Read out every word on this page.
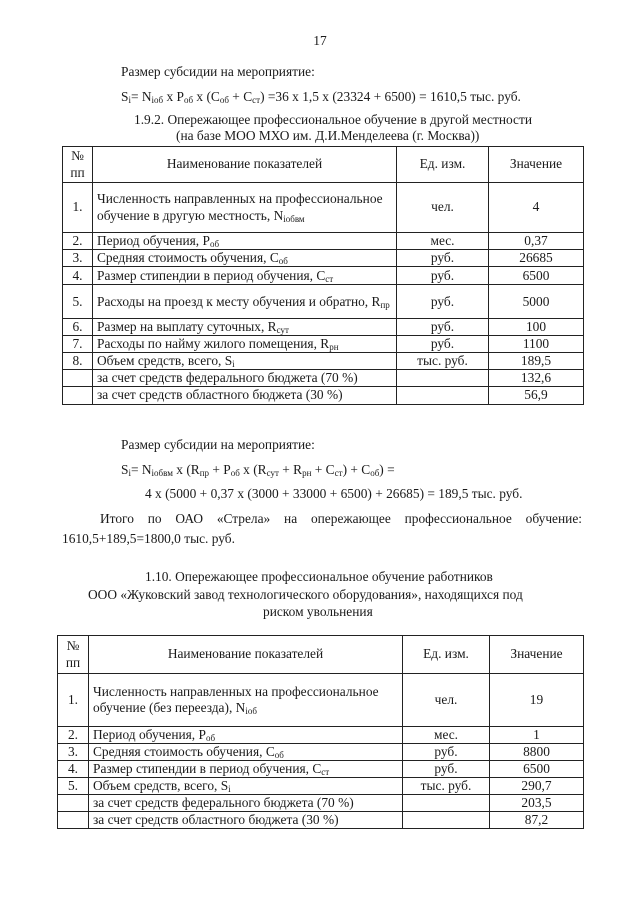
17
Размер субсидии на мероприятие:
$S_i= N_{iоб}$ х $P_{об}$ х $(C_{об} + C_{ст}) =36$ х 1,5 х (23324 + 6500) = 1610,5 тыс. руб.
1.9.2. Опережающее профессиональное обучение в другой местности
(на базе МОО МХО им. Д.И.Менделеева (г. Москва))
№ пп	Наименование показателей	Ед. изм.	Значение
1.	Численность направленных на профессиональное обучение в другую местность, $N_{iобвм}$	чел.	4
2.	Период обучения, $P_{об}$	мес.	0,37
3.	Средняя стоимость обучения, $C_{об}$	руб.	26685
4.	Размер стипендии в период обучения, $C_{ст}$	руб.	6500
5.	Расходы на проезд к месту обучения и обратно, $R_{пр}$	руб.	5000
6.	Размер на выплату суточных, $R_{сут}$	руб.	100
7.	Расходы по найму жилого помещения, $R_{рн}$	руб.	1100
8.	Объем средств, всего, $S_i$	тыс. руб.	189,5
	за счет средств федерального бюджета (70 %)		132,6
	за счет средств областного бюджета (30 %)		56,9
Размер субсидии на мероприятие:
$S_i= N_{iобвм}$ х ($R_{пр} + P_{об}$ х $(R_{сут} + R_{рн} + C_{ст}) + C_{об}$) =
4 х (5000 + 0,37 х (3000 + 33000 + 6500) + 26685) = 189,5 тыс. руб.
Итого по ОАО «Стрела» на опережающее профессиональное обучение:
1610,5+189,5=1800,0 тыс. руб.
1.10. Опережающее профессиональное обучение работников
ООО «Жуковский завод технологического оборудования», находящихся под
риском увольнения
№ пп	Наименование показателей	Ед. изм.	Значение
1.	Численность направленных на профессиональное обучение (без переезда), $N_{iоб}$	чел.	19
2.	Период обучения, $P_{об}$	мес.	1
3.	Средняя стоимость обучения, $C_{об}$	руб.	8800
4.	Размер стипендии в период обучения, $C_{ст}$	руб.	6500
5.	Объем средств, всего, $S_i$	тыс. руб.	290,7
	за счет средств федерального бюджета (70 %)		203,5
	за счет средств областного бюджета (30 %)		87,2
